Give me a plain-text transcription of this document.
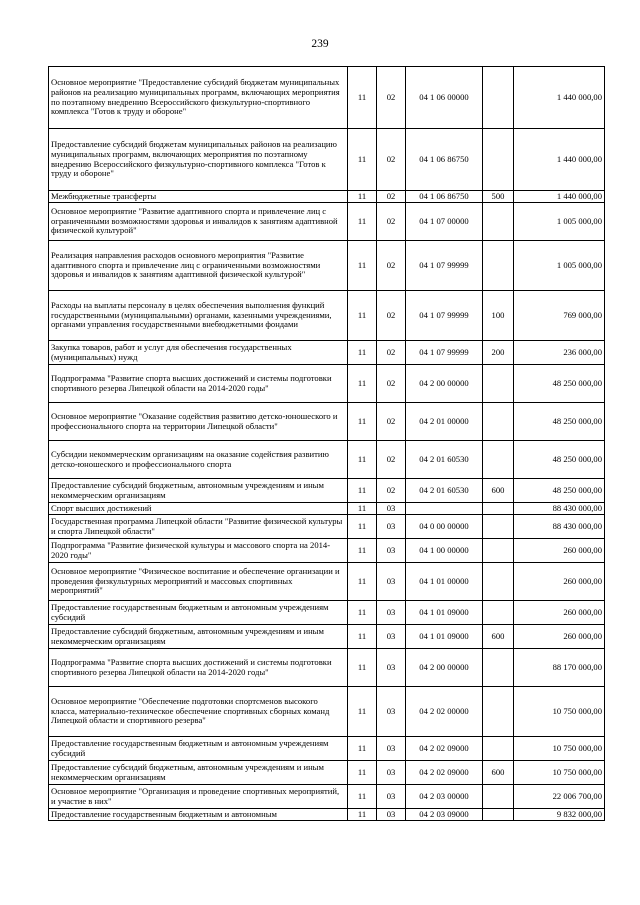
239
Основное мероприятие "Предоставление субсидий бюджетам муниципальных районов на реализацию муниципальных программ, включающих мероприятия по поэтапному внедрению Всероссийского физкультурно-спортивного комплекса "Готов к труду и обороне"	11	02	04 1 06 00000		1 440 000,00
Предоставление субсидий бюджетам муниципальных районов на реализацию муниципальных программ, включающих мероприятия по поэтапному внедрению Всероссийского физкультурно-спортивного комплекса "Готов к труду и обороне"	11	02	04 1 06 86750		1 440 000,00
Межбюджетные трансферты	11	02	04 1 06 86750	500	1 440 000,00
Основное мероприятие "Развитие адаптивного спорта и привлечение лиц с ограниченными возможностями здоровья и инвалидов к занятиям адаптивной физической культурой"	11	02	04 1 07 00000		1 005 000,00
Реализация направления расходов основного мероприятия "Развитие адаптивного спорта и привлечение лиц с ограниченными возможностями здоровья и инвалидов к занятиям адаптивной физической культурой"	11	02	04 1 07 99999		1 005 000,00
Расходы на выплаты персоналу в целях обеспечения выполнения функций государственными (муниципальными) органами, казенными учреждениями, органами управления государственными внебюджетными фондами	11	02	04 1 07 99999	100	769 000,00
Закупка товаров, работ и услуг для обеспечения государственных (муниципальных) нужд	11	02	04 1 07 99999	200	236 000,00
Подпрограмма "Развитие спорта высших достижений и системы подготовки спортивного резерва Липецкой области на 2014-2020 годы"	11	02	04 2 00 00000		48 250 000,00
Основное мероприятие "Оказание содействия развитию детско-юношеского и профессионального спорта на территории Липецкой области"	11	02	04 2 01 00000		48 250 000,00
Субсидии некоммерческим организациям на оказание содействия развитию детско-юношеского и профессионального спорта	11	02	04 2 01 60530		48 250 000,00
Предоставление субсидий бюджетным, автономным учреждениям и иным некоммерческим организациям	11	02	04 2 01 60530	600	48 250 000,00
Спорт высших достижений	11	03			88 430 000,00
Государственная программа Липецкой области "Развитие физической культуры и спорта Липецкой области"	11	03	04 0 00 00000		88 430 000,00
Подпрограмма "Развитие физической культуры и массового спорта на 2014-2020 годы"	11	03	04 1 00 00000		260 000,00
Основное мероприятие "Физическое воспитание и обеспечение организации и проведения физкультурных мероприятий и массовых спортивных мероприятий"	11	03	04 1 01 00000		260 000,00
Предоставление государственным бюджетным и автономным учреждениям субсидий	11	03	04 1 01 09000		260 000,00
Предоставление субсидий бюджетным, автономным учреждениям и иным некоммерческим организациям	11	03	04 1 01 09000	600	260 000,00
Подпрограмма "Развитие спорта высших достижений и системы подготовки спортивного резерва Липецкой области на 2014-2020 годы"	11	03	04 2 00 00000		88 170 000,00
Основное мероприятие "Обеспечение подготовки спортсменов высокого класса, материально-техническое обеспечение спортивных сборных команд Липецкой области и спортивного резерва"	11	03	04 2 02 00000		10 750 000,00
Предоставление государственным бюджетным и автономным учреждениям субсидий	11	03	04 2 02 09000		10 750 000,00
Предоставление субсидий бюджетным, автономным учреждениям и иным некоммерческим организациям	11	03	04 2 02 09000	600	10 750 000,00
Основное мероприятие "Организация и проведение спортивных мероприятий, и участие в них"	11	03	04 2 03 00000		22 006 700,00
Предоставление государственным бюджетным и автономным	11	03	04 2 03 09000		9 832 000,00
